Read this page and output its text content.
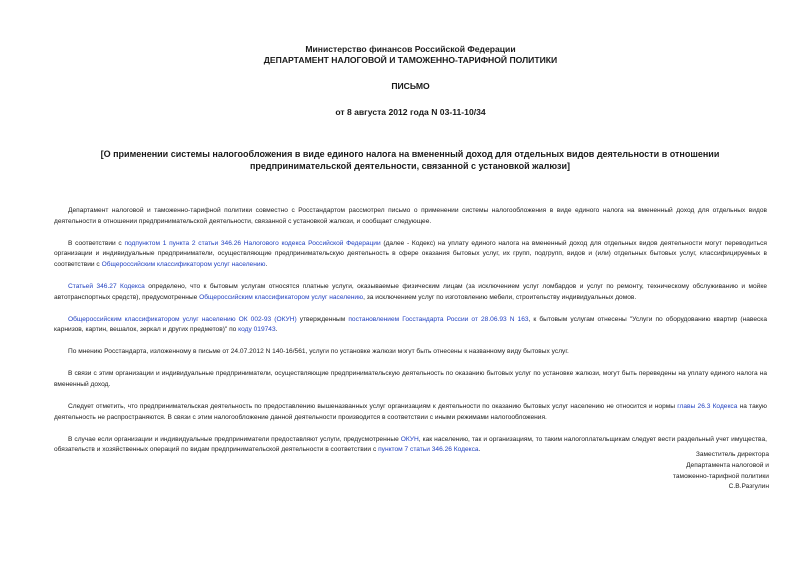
Министерство финансов Российской Федерации
ДЕПАРТАМЕНТ НАЛОГОВОЙ И ТАМОЖЕННО-ТАРИФНОЙ ПОЛИТИКИ
ПИСЬМО
от 8 августа 2012 года N 03-11-10/34
[О применении системы налогообложения в виде единого налога на вмененный доход для отдельных видов деятельности в отношении предпринимательской деятельности, связанной с установкой жалюзи]

Департамент налоговой и таможенно-тарифной политики совместно с Росстандартом рассмотрел письмо о применении системы налогообложения в виде единого налога на вмененный доход для отдельных видов деятельности в отношении предпринимательской деятельности, связанной с установкой жалюзи, и сообщает следующее.

В соответствии с подпунктом 1 пункта 2 статьи 346.26 Налогового кодекса Российской Федерации (далее - Кодекс) на уплату единого налога на вмененный доход для отдельных видов деятельности могут переводиться организации и индивидуальные предприниматели, осуществляющие предпринимательскую деятельность в сфере оказания бытовых услуг, их групп, подгрупп, видов и (или) отдельных бытовых услуг, классифицируемых в соответствии с Общероссийским классификатором услуг населению.

Статьей 346.27 Кодекса определено, что к бытовым услугам относятся платные услуги, оказываемые физическим лицам (за исключением услуг ломбардов и услуг по ремонту, техническому обслуживанию и мойке автотранспортных средств), предусмотренные Общероссийским классификатором услуг населению, за исключением услуг по изготовлению мебели, строительству индивидуальных домов.

Общероссийским классификатором услуг населению ОК 002-93 (ОКУН) утвержденным постановлением Госстандарта России от 28.06.93 N 163, к бытовым услугам отнесены "Услуги по оборудованию квартир (навеска карнизов, картин, вешалок, зеркал и других предметов)" по коду 019743.

По мнению Росстандарта, изложенному в письме от 24.07.2012 N 140-16/561, услуги по установке жалюзи могут быть отнесены к названному виду бытовых услуг.

В связи с этим организации и индивидуальные предприниматели, осуществляющие предпринимательскую деятельность по оказанию бытовых услуг по установке жалюзи, могут быть переведены на уплату единого налога на вмененный доход.

Следует отметить, что предпринимательская деятельность по предоставлению вышеназванных услуг организациям к деятельности по оказанию бытовых услуг населению не относится и нормы главы 26.3 Кодекса на такую деятельность не распространяются. В связи с этим налогообложение данной деятельности производится в соответствии с иными режимами налогообложения.

В случае если организации и индивидуальные предприниматели предоставляют услуги, предусмотренные ОКУН, как населению, так и организациям, то таким налогоплательщикам следует вести раздельный учет имущества, обязательств и хозяйственных операций по видам предпринимательской деятельности в соответствии с пунктом 7 статьи 346.26 Кодекса.

Заместитель директора
Департамента налоговой и
таможенно-тарифной политики
С.В.Разгулин
